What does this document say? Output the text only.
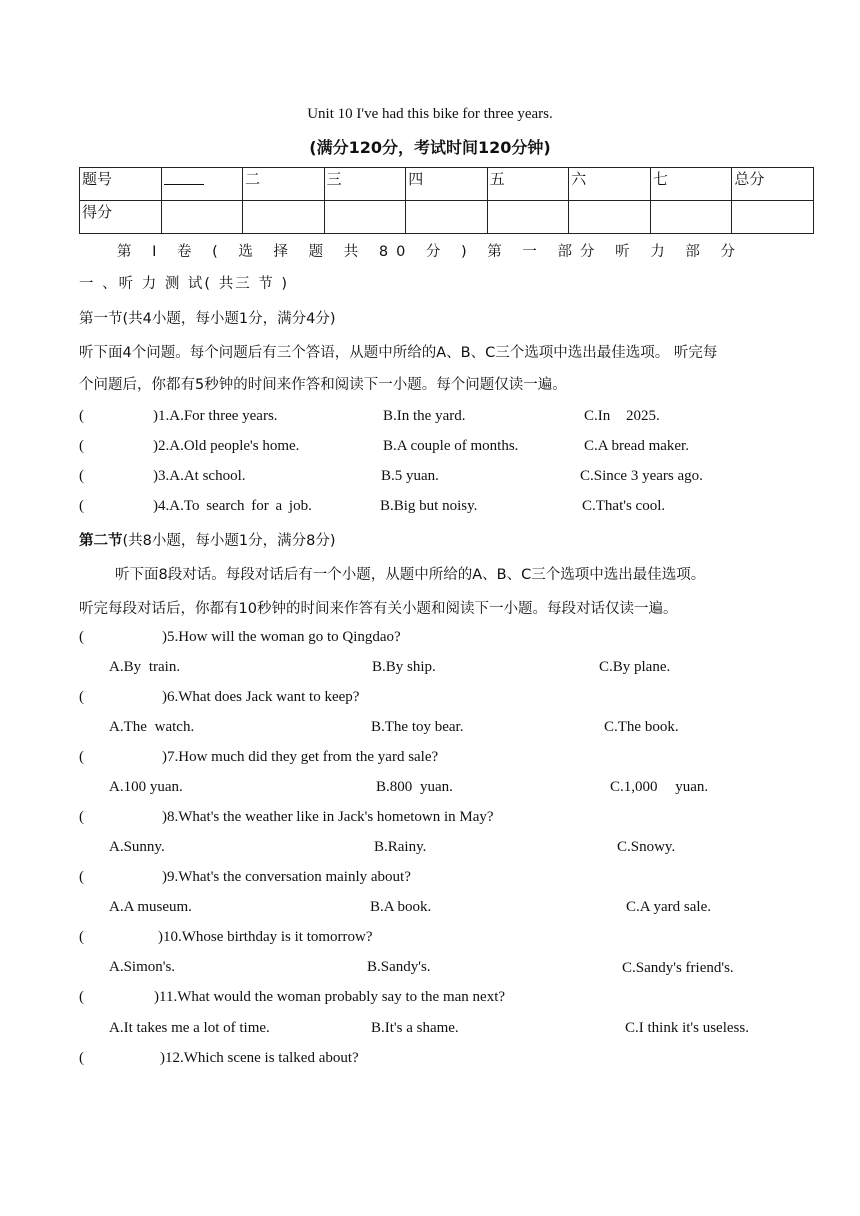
Unit 10 I've had this bike for three years.
(满分120分，考试时间120分钟)
题号		二	三	四	五	六	七	总分
得分								
第 I 卷 ( 选 择 题 共 80 分 ) 第 一 部分 听 力 部 分
一 、听 力 测 试( 共三 节 )
第一节(共4小题，每小题1分，满分4分)
听下面4个问题。每个问题后有三个答语，从题中所给的A、B、C三个选项中选出最佳选项。 听完每
个问题后，你都有5秒钟的时间来作答和阅读下一小题。每个问题仅读一遍。
(	)1.A.For three years.	B.In the yard.	C.In 2025.
(	)2.A.Old people's home.	B.A couple of months.	C.A bread maker.
(	)3.A.At school.	B.5 yuan.	C.Since 3 years ago.
(	)4.A.To search for a job.	B.Big but noisy.	C.That's cool.
第二节(共8小题，每小题1分，满分8分)
听下面8段对话。每段对话后有一个小题，从题中所给的A、B、C三个选项中选出最佳选项。
听完每段对话后，你都有10秒钟的时间来作答有关小题和阅读下一小题。每段对话仅读一遍。
(	)5.How will the woman go to Qingdao?
A.By train.	B.By ship.	C.By plane.
(	)6.What does Jack want to keep?
A.The watch.	B.The toy bear.	C.The book.
(	)7.How much did they get from the yard sale?
A.100 yuan.	B.800 yuan.	C.1,000 yuan.
(	)8.What's the weather like in Jack's hometown in May?
A.Sunny.	B.Rainy.	C.Snowy.
(	)9.What's the conversation mainly about?
A.A museum.	B.A book.	C.A yard sale.
(	)10.Whose birthday is it tomorrow?
A.Simon's.	B.Sandy's.	C.Sandy's friend's.
(	)11.What would the woman probably say to the man next?
A.It takes me a lot of time.	B.It's a shame.	C.I think it's useless.
(	)12.Which scene is talked about?
